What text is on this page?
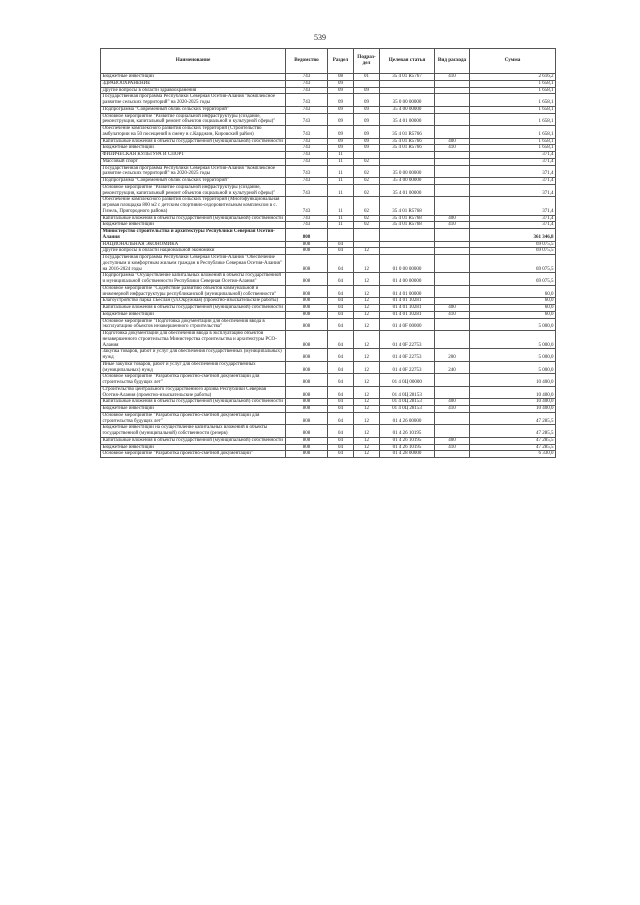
539
Наименование	Ведомство	Раздел	Подраз-дел	Целевая статья	Вид расхода	Сумма
Бюджетные инвестиции	743	08	01	35 4 01 R5767	410	2 616,2
ЗДРАВООХРАНЕНИЕ	743	09				1 658,1
Другие вопросы в области здравоохранения	743	09	09			1 658,1
Государственная программа Республики Северная Осетия-Алания "Комплексное развитие сельских территорий" на 2020-2025 годы	743	09	09	35 0 00 00000		1 658,1
Подпрограмма "Современный облик сельских территорий"	743	09	09	35 4 00 00000		1 658,1
Основное мероприятие "Развитие социальной инфраструктуры (создание, реконструкция, капитальный ремонт объектов социальной и культурной сферы)"	743	09	09	35 4 01 00000		1 658,1
Обеспечение комплексного развития сельских территорий (Строительство амбулатории на 50 посещений в смену в с.Карджин, Кировский район)	743	09	09	35 4 01 R5766		1 658,1
Капитальные вложения в объекты государственной (муниципальной) собственности	743	09	09	35 4 01 R5766	400	1 658,1
Бюджетные инвестиции	743	09	09	35 4 01 R5766	410	1 658,1
ФИЗИЧЕСКАЯ КУЛЬТУРА И СПОРТ	743	11				371,4
Массовый спорт	743	11	02			371,4
Государственная программа Республики Северная Осетия-Алания "Комплексное развитие сельских территорий" на 2020-2025 годы	743	11	02	35 0 00 00000		371,4
Подпрограмма "Современный облик сельских территорий"	743	11	02	35 4 00 00000		371,4
Основное мероприятие "Развитие социальной инфраструктуры (создание, реконструкция, капитальный ремонт объектов социальной и культурной сферы)"	743	11	02	35 4 01 00000		371,4
Обеспечение комплексного развития сельских территорий (Многофункциональная игровая площадка 800 м2 с детским спортивно-оздоровительным комплексом в с. Гизель, Пригородного района)	743	11	02	35 4 01 R5768		371,4
Капитальные вложения в объекты государственной (муниципальной) собственности	743	11	02	35 4 01 R5768	400	371,4
Бюджетные инвестиции	743	11	02	35 4 01 R5768	410	371,4
Министерство строительства и архитектуры Республики Северная Осетия-Алания	808					361 346,8
НАЦИОНАЛЬНАЯ ЭКОНОМИКА	808	04				69 075,5
Другие вопросы в области национальной экономики	808	04	12			69 075,5
Государственная программа Республики Северная Осетия-Алания "Обеспечение доступным и комфортным жильем граждан в Республике Северная Осетия-Алания" на 2016-2024 годы	808	04	12	01 0 00 00000		69 075,5
Подпрограмма "Осуществление капитальных вложений в объекты государственной и муниципальной собственности Республики Северная Осетия-Алания"	808	04	12	01 4 00 00000		69 075,5
Основное мероприятие "Содействие развитию объектов коммунальной и инженерной инфраструктуры республиканской (муниципальной) собственности"	808	04	12	01 4 01 00000		60,0
Благоустройство парка г.Беслан (ул.Окружная) (проектно-изыскательские работы)	808	04	12	01 4 01 10281		60,0
Капитальные вложения в объекты государственной (муниципальной) собственности	808	04	12	01 4 01 10281	400	60,0
Бюджетные инвестиции	808	04	12	01 4 01 10281	410	60,0
Основное мероприятие "Подготовка документации для обеспечения ввода в эксплуатацию объектов незавершенного строительства"	808	04	12	01 4 0F 00000		5 000,0
Подготовка документации для обеспечения ввода в эксплуатацию объектов незавершенного строительства Министерства строительства и архитектуры РСО-Алания	808	04	12	01 4 0F 22753		5 000,0
Закупка товаров, работ и услуг для обеспечения государственных (муниципальных) нужд	808	04	12	01 4 0F 22753	200	5 000,0
Иные закупки товаров, работ и услуг для обеспечения государственных (муниципальных) нужд	808	04	12	01 4 0F 22753	240	5 000,0
Основное мероприятие "Разработка проектно-сметной документации для строительства будущих лет"	808	04	12	01 4 0Ц 00000		10 400,0
Строительство центрального государственного архива Республики Северная Осетия-Алания (проектно-изыскательские работы)	808	04	12	01 4 0Ц 28153		10 400,0
Капитальные вложения в объекты государственной (муниципальной) собственности	808	04	12	01 4 0Ц 28153	400	10 400,0
Бюджетные инвестиции	808	04	12	01 4 0Ц 28153	410	10 400,0
Основное мероприятие "Разработка проектно-сметной документации для строительства будущих лет"	808	04	12	01 4 26 00000		47 285,5
Бюджетные инвестиции на осуществление капитальных вложений в объекты государственной (муниципальной) собственности (резерв)	808	04	12	01 4 26 10195		47 285,5
Капитальные вложения в объекты государственной (муниципальной) собственности	808	04	12	01 4 26 10195	400	47 285,5
Бюджетные инвестиции	808	04	12	01 4 26 10195	410	47 285,5
Основное мероприятие "Разработка проектно-сметной документации"	808	04	12	01 4 28 00000		6 330,0
